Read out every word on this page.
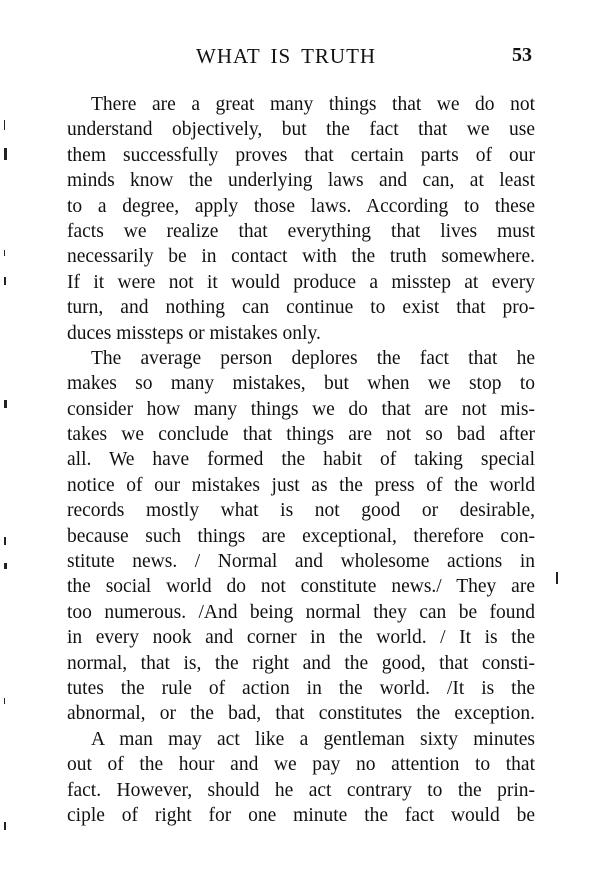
WHAT IS TRUTH	53
There are a great many things that we do not
understand objectively, but the fact that we use
them successfully proves that certain parts of our
minds know the underlying laws and can, at least
to a degree, apply those laws. According to these
facts we realize that everything that lives must
necessarily be in contact with the truth somewhere.
If it were not it would produce a misstep at every
turn, and nothing can continue to exist that pro-
duces missteps or mistakes only.
The average person deplores the fact that he
makes so many mistakes, but when we stop to
consider how many things we do that are not mis-
takes we conclude that things are not so bad after
all. We have formed the habit of taking special
notice of our mistakes just as the press of the world
records mostly what is not good or desirable,
because such things are exceptional, therefore con-
stitute news. / Normal and wholesome actions in
the social world do not constitute news./ They are
too numerous. /And being normal they can be found
in every nook and corner in the world. / It is the
normal, that is, the right and the good, that consti-
tutes the rule of action in the world. /It is the
abnormal, or the bad, that constitutes the exception.
A man may act like a gentleman sixty minutes
out of the hour and we pay no attention to that
fact. However, should he act contrary to the prin-
ciple of right for one minute the fact would be
